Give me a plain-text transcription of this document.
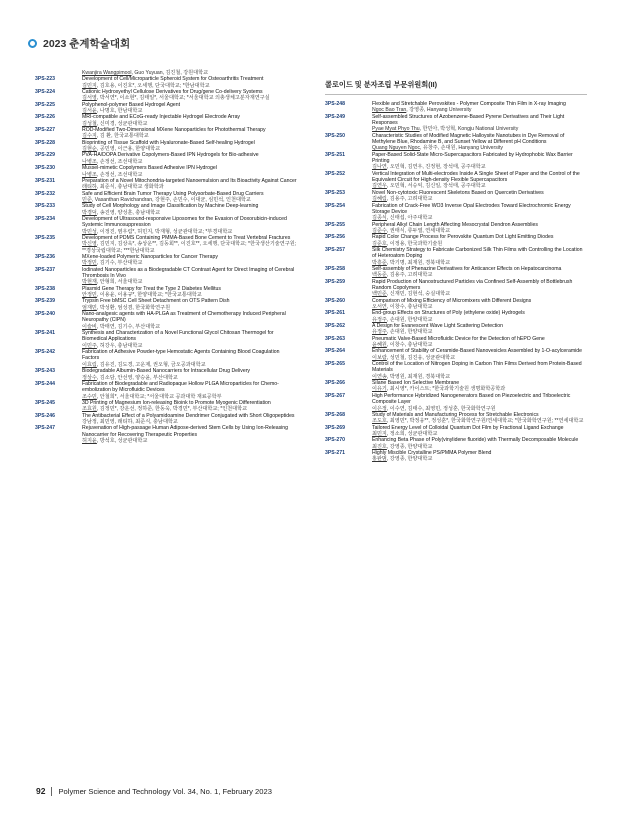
2023 춘계학술대회
Kwanjira Wangpimool, Guo Yuyuan, 김진철, 강원대학교
3PS-223	Development of Cell/Microparticle Spheroid System for Osteoarthritis Treatment
김민지, 김호용, 이진호*, 오세행, 단국대학교; *한남대학교
3PS-224	Cationic Hydroxyethyl Cellulose Derivatives for Drug/gene Co-delivery Systems
김서영, 박서연*, 이소현*, 김태일*, 서울대학교; *서울대학교 의총생체고분자재연구실
3PS-225	Polyphenol-polymer Based Hydrogel Agent
김서윤, 나명호, 한남대학교
3PS-226	MRI-compatible and ECoG-ready Injectable Hydrogel Electrode Array
김성철, 신미경, 성균관대학교
3PS-227	ROD-Modified Two-Dimensional MXene Nanoparticles for Photothermal Therapy
김수지, 김 환, 한국교통대학교
3PS-228	Bioprinting of Tissue Scaffold with Hyaluronate-Based Self-healing Hydrogel
김현순, 공민영, 이근용, 한양대학교
3PS-229	PVA-HA/DOPA Derivative Copolymers-Based IPN Hydrogels for Bio-adhesive
나병조, 손정선, 조선대학교
3PS-230	Mussel-mimetic Copolymers Based Adhesive IPN Hydrogel
나병조, 손정선, 조선대학교
3PS-231	Preparation of a Novel Mitochondria-targeted Nanoemulsion and Its Bioactivity Against Cancer
래티하, 최준식, 충남대학교 생화학과
3PS-232	Safe and Efficient Brain Tumor Therapy Using Polysorbate-Based Drug Carriers
민준, Vasanthan Ravichandran, 강현주, 손민수, 이대균, 심민석, 인천대학교
3PS-233	Study of Cell Morphology and Image Classification by Machine Deep-learning
박경덕, 송진영, 양성훈, 충남대학교
3PS-234	Development of Ultrasound-responsive Liposomes for the Evasion of Doxorubicin-induced Systemic Immunosuppression
박민성, 이정진, 염우림*, 허민지, 박재형, 성균관대학교; *부경대학교
3PS-235	Development of PDMS Containing PMMA-Based Bone Cement to Treat Vertebral Fractures
박신영, 김민지, 김상욱*, 송상운**, 김동회**, 이진호**, 오세행, 단국대학교; *한국생산기술연구원; **경상국립대학교; ***한남대학교
3PS-236	MXene-loaded Polymeric Nanoparticles for Cancer Therapy
박정민, 김기수, 부산대학교
3PS-237	Iodinated Nanoparticles as a Biodegradable CT Contrast Agent for Direct Imaging of Cerebral Thrombosis In Vivo
박현재, 안형희, 서울대학교
3PS-238	Plasmid Gene Therapy for Treat the Type 2 Diabetes Mellitus
안정민, 이용윤, 이용규*, 한양대학교; *한국교통대학교
3PS-239	Trypsin Free bMSC Cell Sheet Detachment on OTS Pattern Dish
엄재민, 박성환, 엄성겸, 한국화학연구원
3PS-240	Nano-analgesic agents with HA-PLGA as Treatment of Chemotherapy Induced Peripheral Neuropathy (CIPN)
이슬비, 박태연, 김기수, 부산대학교
3PS-241	Synthesis and Characterization of a Novel Functional Glycol Chitosan Thermogel for Biomedical Applications
이민주, 허강우, 충남대학교
3PS-242	Fabrication of Adhesive Powder-type Hemostatic Agents Containing Blood Coagulation Factors
이효림, 김유진, 김도경, 고운제, 권오형, 금오공과대학교
3PS-243	Biodegradable Albumin-Based Nanocarriers for Intracellular Drug Delivery
정상수, 김소담, 안선영, 양승윤, 부산대학교
3PS-244	Fabrication of Biodegradable and Radiopaque Hollow PLGA Microparticles for Chemo-embolization by Microfluidic Devices
조수민, 안철희*, 서울대학교; *서울대학교 공과대학 재료공학부
3PS-245	3D Printing of Magnesium Ion-releasing Bioink to Promote Myogenic Differentiation
조효원, 김정민*, 강운선, 정하준, 한동욱, 박경민*, 부산대학교; *인천대학교
3PS-246	The Antibacterial Effect of a Polyamidoamine Dendrimer Conjugated with Short Oligopeptides
강남정, 최민영, 래티하, 최준식, 충남대학교
3PS-247	Rejuvenation of High-passage Human Adipose-derived Stem Cells by Using Ion-Releasing Nanocarrier for Recovering Therapeutic Properties
허지윤, 방석호, 성균관대학교
콜로이드 및 분자조립 부문위원회(II)
3PS-248	Flexible and Stretchable Perovskites - Polymer Composite Thin Film in X-ray Imaging
Ngoc Bao Tran, 강영종, Hanyang University
3PS-249	Self-assembled Structures of Azobenzene-Based Pyrene Derivatives and Their Light Responses
Pyae Myat Phyo Thu, 한민아, 박성혁, Kongju National University
3PS-250	Characteristic Studies of Modified Magnetic Halloysite Nanotubes in Dye Removal of Methylene Blue, Rhodamine B, and Sunset Yellow at Different pH Conditions
Quang Nguyen Ngoc, 유창주, 손대원, Hanyang University
3PS-251	Paper-Based Solid-State Micro-Supercapacitors Fabricated by Hydrophobic Wax Barrier Printing
김나연, 오민혁, 김연우, 진정현, 장석태, 공주대학교
3PS-252	Vertical Integration of Multi-electrodes Inside A Single Sheet of Paper and the Control of the Equivalent Circuit for High-density Flexible Supercapacitors
김연우, 오민혁, 서승익, 김신일, 장석태, 공주대학교
3PS-253	Novel Non-cytotoxic Fluorescent Skeletons Based on Quercetin Derivatives
김혜림, 김용주, 고려대학교
3PS-254	Fabrication of Crack-Free WO3 Inverse Opal Electrodes Toward Electrochromic Energy Storage Device
김종식, 신태섭, 아주대학교
3PS-255	Peripheral Alkyl Chain Length Affecting Mesocrystal Dendron Assemblies
김준수, 권태식, 류두열, 연세대학교
3PS-256	Rapid Color Change Process for Perovskite Quantum Dot Light Emitting Diodes
김준호, 이정용, 한국과학기술원
3PS-257	Silk Chemistry Strategy to Fabricate Carbonized Silk Thin Films with Controlling the Location of Heteroatom Doping
박흥준, 박기명, 최재원, 경북대학교
3PS-258	Self-assembly of Phenazine Derivatives for Anticancer Effects on Hepatocarcinoma
백동준, 김용주, 고려대학교
3PS-259	Rapid Production of Nanostructured Particles via Confined Self-Assembly of Bottlebrush Random Copolymers
백민준, 신재민, 김현석, 숭실대학교
3PS-260	Comparison of Mixing Efficiency of Micromixers with Different Designs
오서연, 이창수, 충남대학교
3PS-261	End-group Effects on Structures of Poly (ethylene oxide) Hydrogels
유정주, 손대원, 한양대학교
3PS-262	A Design for Evanescent Wave Light Scattering Detection
유정주, 손대원, 한양대학교
3PS-263	Pneumatic Valve-Based Microfluidic Device for the Detection of hEPO Gene
윤혜원, 이창수, 충남대학교
3PS-264	Enhancement of Stability of Ceramide-Based Nanovesicles Assembled by 1-O-acylceramide
이보람, 성민철, 김진웅, 성균관대학교
3PS-265	Control of the Location of Nitrogen Doping in Carbon Thin Films Derived from Protein-Based Materials
이연송, 박영원, 최재원, 경북대학교
3PS-266	Silane Based Ion Selective Membrane
이유기, 최시영*, 카이스트; *한국과학기술원 생명화학공학과
3PS-267	High Performance Hybridized Nanogenerators Based on Piezoelectric and Triboelectric Composite Layer
이은정, 이수연, 김태수, 최영민, 정성훈, 한국화학연구원
3PS-268	Study of Materials and Manufacturing Process for Stretchable Electronics
조도호, 최영민*, 박정웅**, 정성훈*, 한국화학연구원/연세대학교; *한국화학연구원; **연세대학교
3PS-269	Tailored Energy Level of Colloidal Quantum Dot Film by Fractional Ligand Exchange
최민지, 정소희, 성균관대학교
3PS-270	Enhancing Beta Phase of Poly(vinylidene fluoride) with Thermally Decomposable Molecule
최진호, 강영종, 한양대학교
3PS-271	Highly Miscible Crystalline PS/PMMA Polymer Blend
홍완범, 강영종, 한양대학교
92 Polymer Science and Technology Vol. 34, No. 1, February 2023
